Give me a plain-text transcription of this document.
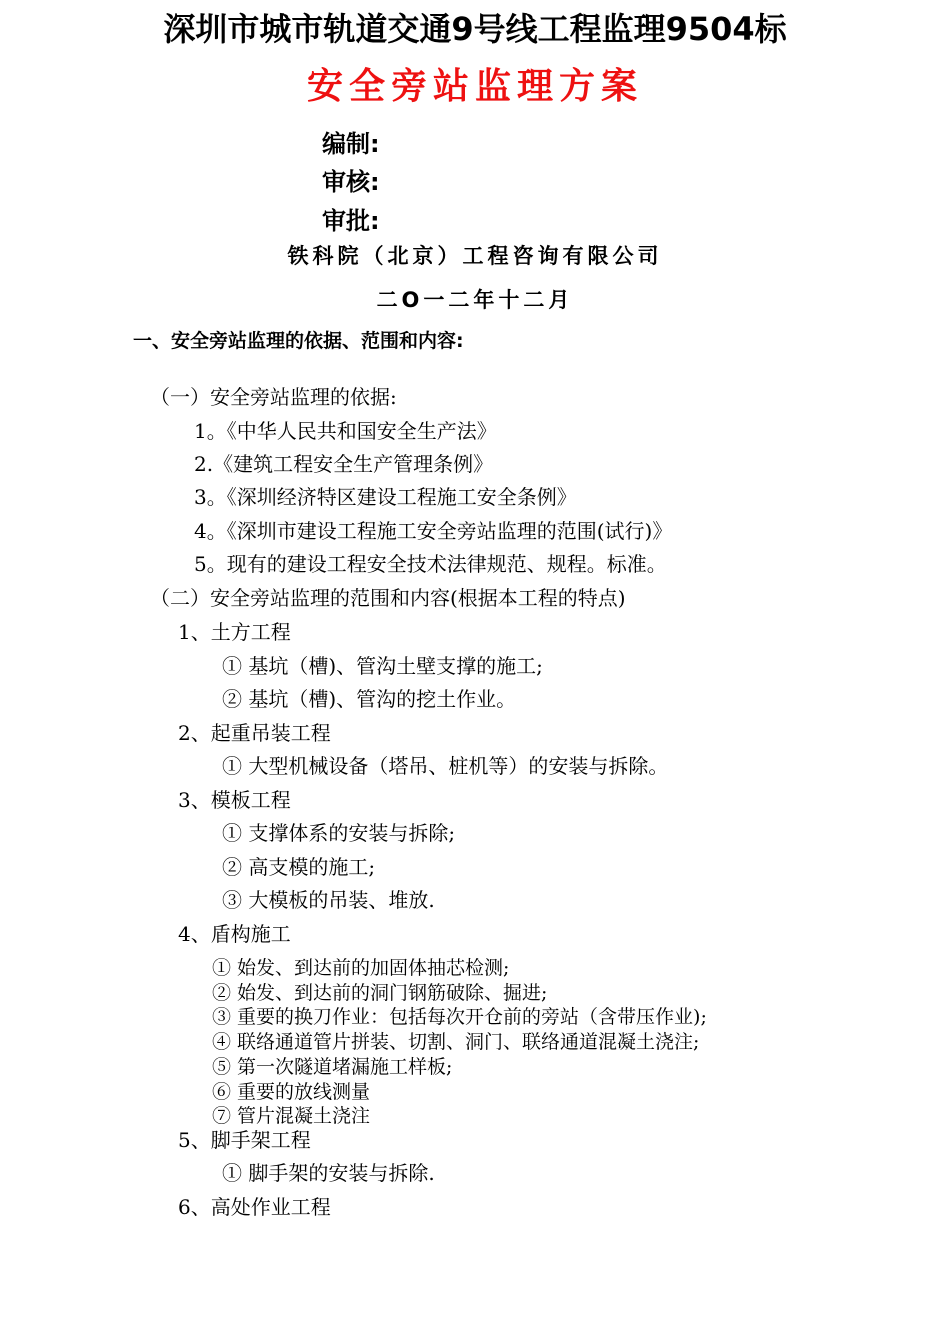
深圳市城市轨道交通9号线工程监理9504标
安全旁站监理方案
编制:
审核:
审批:
铁科院（北京）工程咨询有限公司
二O一二年十二月
一、安全旁站监理的依据、范围和内容:
（一）安全旁站监理的依据:
1。《中华人民共和国安全生产法》
2.《建筑工程安全生产管理条例》
3。《深圳经济特区建设工程施工安全条例》
4。《深圳市建设工程施工安全旁站监理的范围(试行)》
5。现有的建设工程安全技术法律规范、规程。标准。
（二）安全旁站监理的范围和内容(根据本工程的特点)
1、土方工程
① 基坑（槽)、管沟土壁支撑的施工;
② 基坑（槽)、管沟的挖土作业。
2、起重吊装工程
① 大型机械设备（塔吊、桩机等）的安装与拆除。
3、模板工程
① 支撑体系的安装与拆除;
② 高支模的施工;
③ 大模板的吊装、堆放.
4、盾构施工
① 始发、到达前的加固体抽芯检测;
② 始发、到达前的洞门钢筋破除、掘进;
③ 重要的换刀作业：包括每次开仓前的旁站（含带压作业);
④ 联络通道管片拼装、切割、洞门、联络通道混凝土浇注;
⑤ 第一次隧道堵漏施工样板;
⑥ 重要的放线测量
⑦ 管片混凝土浇注
5、脚手架工程
① 脚手架的安装与拆除.
6、高处作业工程
